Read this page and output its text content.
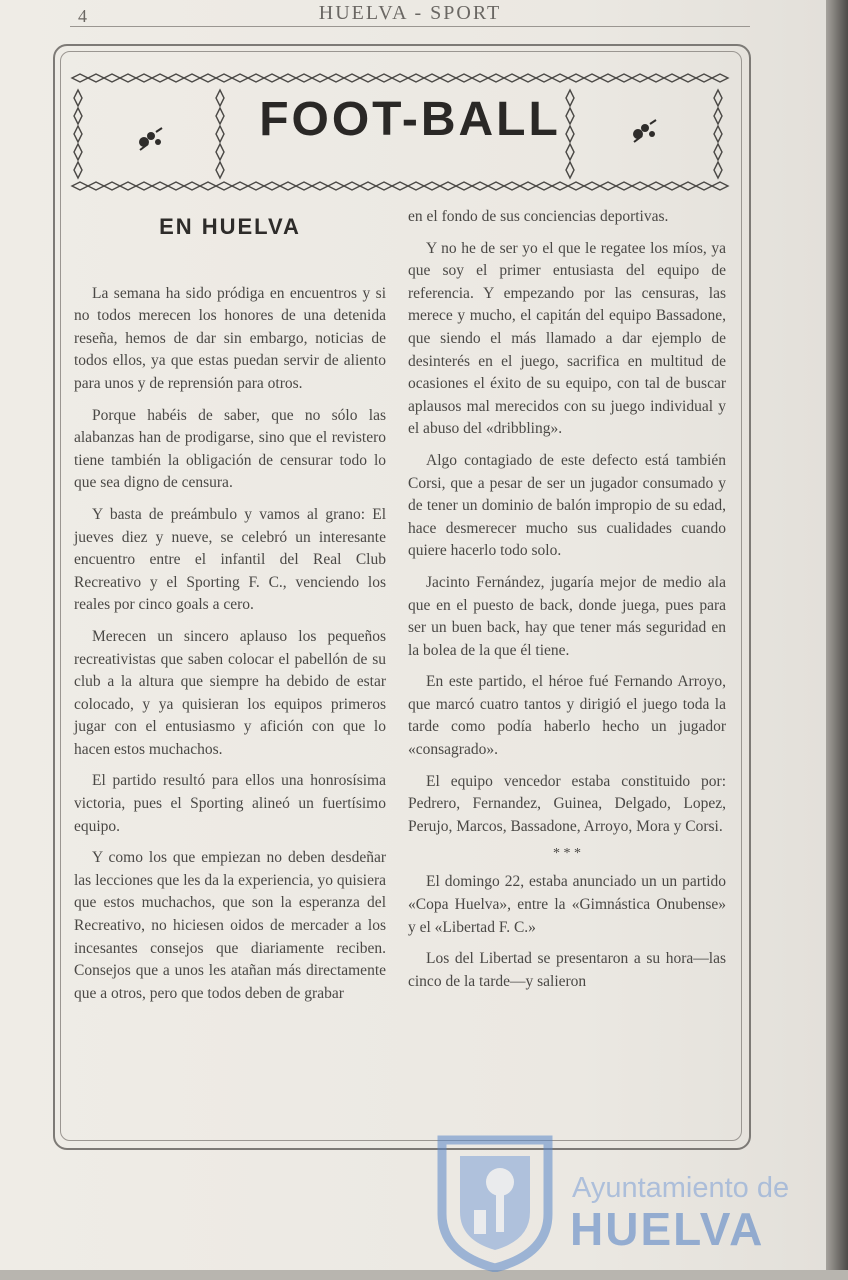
4	HUELVA - SPORT
FOOT-BALL
EN HUELVA

La semana ha sido pródiga en encuentros y si no todos merecen los honores de una detenida reseña, hemos de dar sin embargo, noticias de todos ellos, ya que estas puedan servir de aliento para unos y de reprensión para otros.

Porque habéis de saber, que no sólo las alabanzas han de prodigarse, sino que el revistero tiene también la obligación de censurar todo lo que sea digno de censura.

Y basta de preámbulo y vamos al grano: El jueves diez y nueve, se celebró un interesante encuentro entre el infantil del Real Club Recreativo y el Sporting F. C., venciendo los reales por cinco goals a cero.

Merecen un sincero aplauso los pequeños recreativistas que saben colocar el pabellón de su club a la altura que siempre ha debido de estar colocado, y ya quisieran los equipos primeros jugar con el entusiasmo y afición con que lo hacen estos muchachos.

El partido resultó para ellos una honrosísima victoria, pues el Sporting alineó un fuertísimo equipo.

Y como los que empiezan no deben desdeñar las lecciones que les da la experiencia, yo quisiera que estos muchachos, que son la esperanza del Recreativo, no hiciesen oidos de mercader a los incesantes consejos que diariamente reciben. Consejos que a unos les atañan más directamente que a otros, pero que todos deben de grabar

en el fondo de sus conciencias deportivas.

Y no he de ser yo el que le regatee los míos, ya que soy el primer entusiasta del equipo de referencia. Y empezando por las censuras, las merece y mucho, el capitán del equipo Bassadone, que siendo el más llamado a dar ejemplo de desinterés en el juego, sacrifica en multitud de ocasiones el éxito de su equipo, con tal de buscar aplausos mal merecidos con su juego individual y el abuso del «dribbling».

Algo contagiado de este defecto está también Corsi, que a pesar de ser un jugador consumado y de tener un dominio de balón impropio de su edad, hace desmerecer mucho sus cualidades cuando quiere hacerlo todo solo.

Jacinto Fernández, jugaría mejor de medio ala que en el puesto de back, donde juega, pues para ser un buen back, hay que tener más seguridad en la bolea de la que él tiene.

En este partido, el héroe fué Fernando Arroyo, que marcó cuatro tantos y dirigió el juego toda la tarde como podía haberlo hecho un jugador «consagrado».

El equipo vencedor estaba constituido por: Pedrero, Fernandez, Guinea, Delgado, Lopez, Perujo, Marcos, Bassadone, Arroyo, Mora y Corsi.

* * *

El domingo 22, estaba anunciado un un partido «Copa Huelva», entre la «Gimnástica Onubense» y el «Libertad F. C.»

Los del Libertad se presentaron a su hora—las cinco de la tarde—y salieron

Ayuntamiento de
HUELVA
